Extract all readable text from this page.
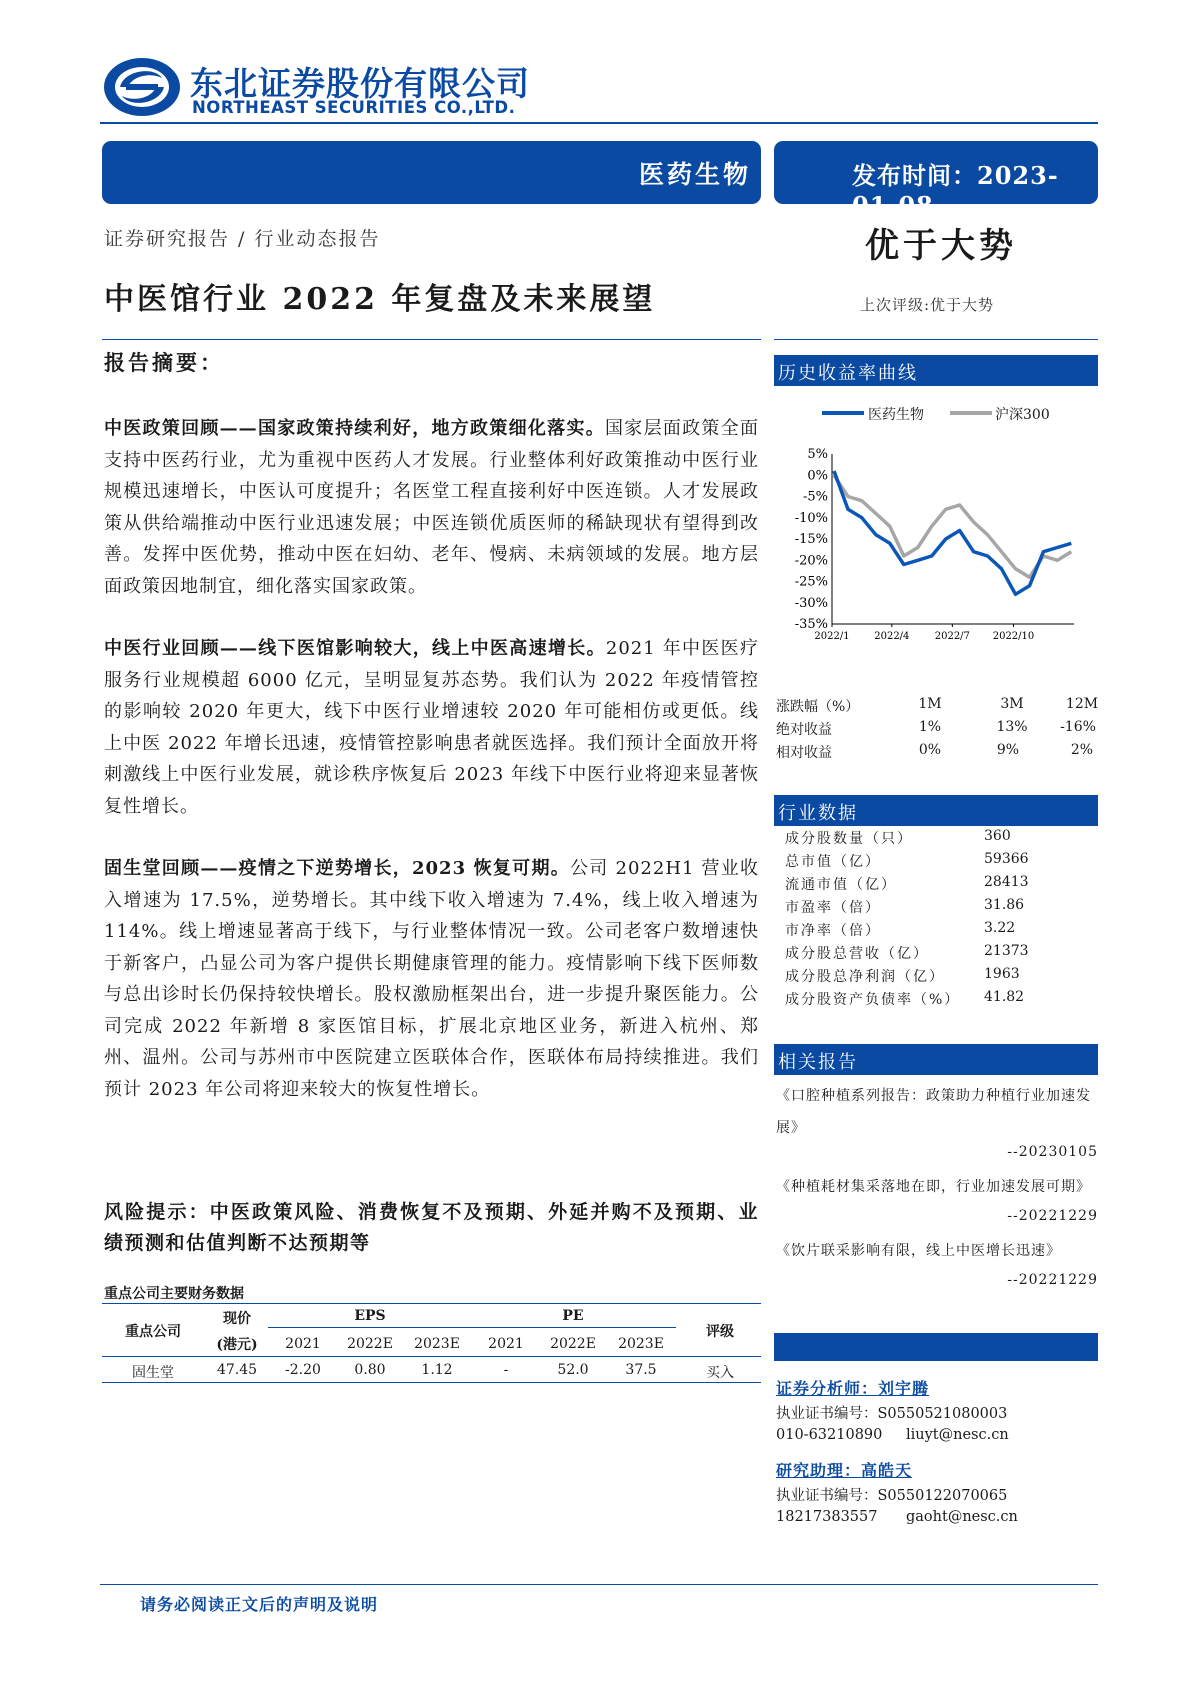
东北证券股份有限公司
NORTHEAST SECURITIES CO.,LTD.
医药生物	发布时间：2023-01-08
证券研究报告 / 行业动态报告	优于大势
上次评级:优于大势
中医馆行业 2022 年复盘及未来展望
报告摘要：
中医政策回顾——国家政策持续利好，地方政策细化落实。国家层面政策全面支持中医药行业，尤为重视中医药人才发展。行业整体利好政策推动中医行业规模迅速增长，中医认可度提升；名医堂工程直接利好中医连锁。人才发展政策从供给端推动中医行业迅速发展；中医连锁优质医师的稀缺现状有望得到改善。发挥中医优势，推动中医在妇幼、老年、慢病、未病领域的发展。地方层面政策因地制宜，细化落实国家政策。
中医行业回顾——线下医馆影响较大，线上中医高速增长。2021 年中医医疗服务行业规模超 6000 亿元，呈明显复苏态势。我们认为 2022 年疫情管控的影响较 2020 年更大，线下中医行业增速较 2020 年可能相仿或更低。线上中医 2022 年增长迅速，疫情管控影响患者就医选择。我们预计全面放开将刺激线上中医行业发展，就诊秩序恢复后 2023 年线下中医行业将迎来显著恢复性增长。
固生堂回顾——疫情之下逆势增长，2023 恢复可期。公司 2022H1 营业收入增速为 17.5%，逆势增长。其中线下收入增速为 7.4%，线上收入增速为 114%。线上增速显著高于线下，与行业整体情况一致。公司老客户数增速快于新客户，凸显公司为客户提供长期健康管理的能力。疫情影响下线下医师数与总出诊时长仍保持较快增长。股权激励框架出台，进一步提升聚医能力。公司完成 2022 年新增 8 家医馆目标，扩展北京地区业务，新进入杭州、郑州、温州。公司与苏州市中医院建立医联体合作，医联体布局持续推进。我们预计 2023 年公司将迎来较大的恢复性增长。
风险提示：中医政策风险、消费恢复不及预期、外延并购不及预期、业绩预测和估值判断不达预期等
重点公司主要财务数据
重点公司
现价
(港元)
EPS	PE
评级
2021	2022E	2023E	2021	2022E	2023E
固生堂	47.45	-2.20	0.80	1.12	-	52.0	37.5	买入
历史收益率曲线
医药生物	沪深300
5%
0%
-5%
-10%
-15%
-20%
-25%
-30%
-35%
2022/1 2022/4	2022/7 2022/10
涨跌幅（%）	1M	3M	12M
绝对收益	1%	13%	-16%
相对收益	0%	9%	2%
行业数据
成分股数量（只）	360
总市值（亿）	59366
流通市值（亿）	28413
市盈率（倍）	31.86
市净率（倍）	3.22
成分股总营收（亿）	21373
成分股总净利润（亿）	1963
成分股资产负债率（%） 41.82
相关报告
《口腔种植系列报告：政策助力种植行业加速发展》
--20230105
《种植耗材集采落地在即，行业加速发展可期》
--20221229
《饮片联采影响有限，线上中医增长迅速》
--20221229
证券分析师：刘宇腾
执业证书编号：S0550521080003
010-63210890 liuyt@nesc.cn
研究助理：高皓天
执业证书编号：S0550122070065
18217383557 gaoht@nesc.cn
请务必阅读正文后的声明及说明
